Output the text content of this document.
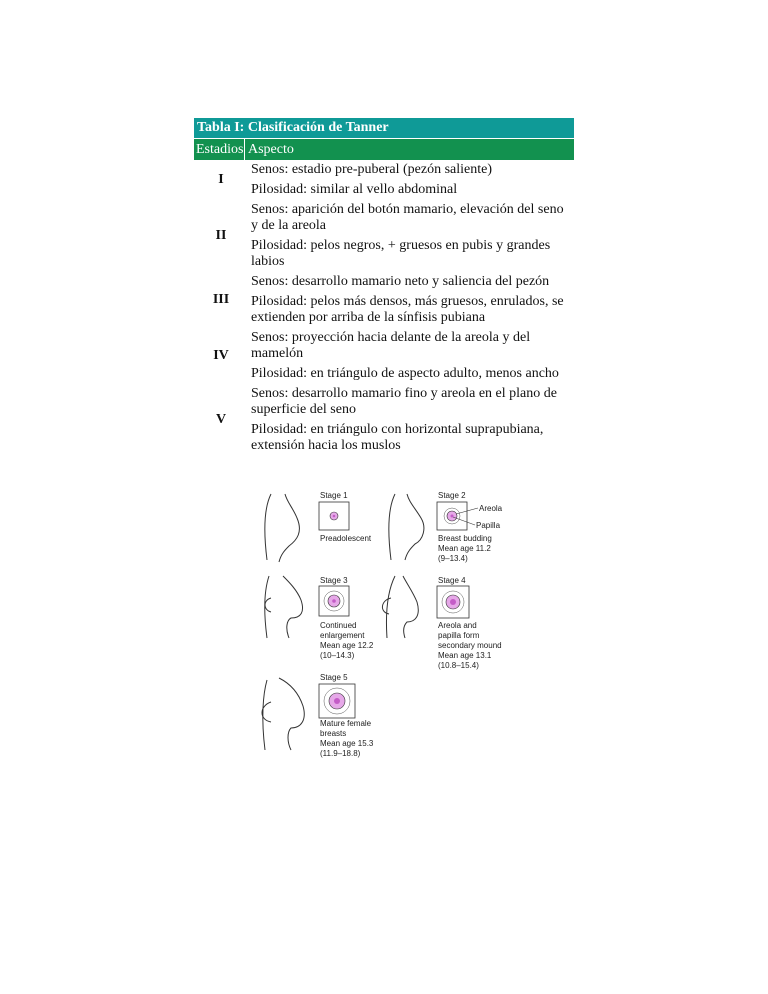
Tabla I: Clasificación de Tanner
Estadios Aspecto
I
Senos: estadio pre-puberal (pezón saliente)
Pilosidad: similar al vello abdominal
II
Senos: aparición del botón mamario, elevación del seno y de la areola
Pilosidad: pelos negros, + gruesos en pubis y grandes labios
III
Senos: desarrollo mamario neto y saliencia del pezón
Pilosidad: pelos más densos, más gruesos, enrulados, se extienden por arriba de la sínfisis pubiana
IV
Senos: proyección hacia delante de la areola y del mamelón
Pilosidad: en triángulo de aspecto adulto, menos ancho
V
Senos: desarrollo mamario fino y areola en el plano de superficie del seno
Pilosidad: en triángulo con horizontal suprapubiana, extensión hacia los muslos
Stage 1
Preadolescent
Stage 2
Areola
Papilla
Breast budding
Mean age 11.2
(9–13.4)
Stage 3
Continued
enlargement
Mean age 12.2
(10–14.3)
Stage 4
Areola and
papilla form
secondary mound
Mean age 13.1
(10.8–15.4)
Stage 5
Mature female
breasts
Mean age 15.3
(11.9–18.8)
